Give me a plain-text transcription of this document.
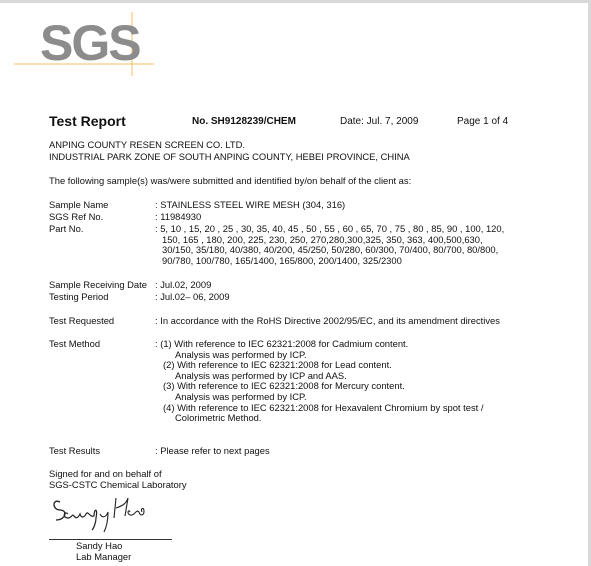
SGS
Test Report	No. SH9128239/CHEM	Date: Jul. 7, 2009	Page 1 of 4
ANPING COUNTY RESEN SCREEN CO. LTD.
INDUSTRIAL PARK ZONE OF SOUTH ANPING COUNTY, HEBEI PROVINCE, CHINA
The following sample(s) was/were submitted and identified by/on behalf of the client as:
Sample Name	: STAINLESS STEEL WIRE MESH (304, 316)
SGS Ref No.	: 11984930
Part No.	: 5, 10 , 15, 20 , 25 , 30, 35, 40, 45 , 50 , 55 , 60 , 65, 70 , 75 , 80 , 85, 90 , 100, 120,
150, 165 , 180, 200, 225, 230, 250, 270,280,300,325, 350, 363, 400,500,630,
30/150, 35/180, 40/380, 40/200, 45/250, 50/280, 60/300, 70/400, 80/700, 80/800,
90/780, 100/780, 165/1400, 165/800, 200/1400, 325/2300
Sample Receiving Date : Jul.02, 2009
Testing Period	: Jul.02– 06, 2009
Test Requested	: In accordance with the RoHS Directive 2002/95/EC, and its amendment directives
Test Method	: (1) With reference to IEC 62321:2008 for Cadmium content.
Analysis was performed by ICP.
(2) With reference to IEC 62321:2008 for Lead content.
Analysis was performed by ICP and AAS.
(3) With reference to IEC 62321:2008 for Mercury content.
Analysis was performed by ICP.
(4) With reference to IEC 62321:2008 for Hexavalent Chromium by spot test /
Colorimetric Method.
Test Results	: Please refer to next pages
Signed for and on behalf of
SGS-CSTC Chemical Laboratory
Sandy Hao
Lab Manager
